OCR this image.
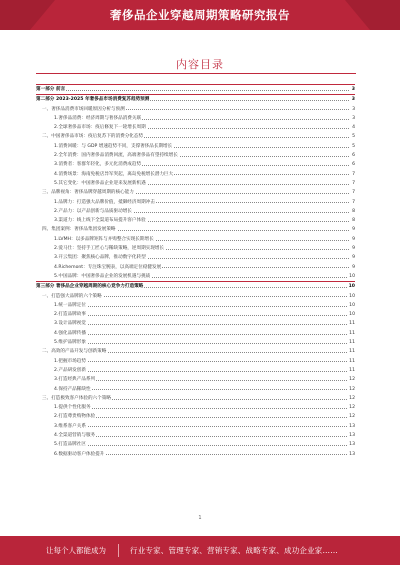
奢侈品企业穿越周期策略研究报告
内容目录
第一部分 前言	3
第二部分 2023-2025 年奢侈品市场消费复苏趋势预测	3
一、奢侈品消费市场回暖原因分析与预测	3
1.奢侈品消费：经济周期与奢侈品消费关联	3
2.全球奢侈品市场：疫后修复下一轮增长周期	4
二、中国奢侈品市场：疫后复苏下的消费分化态势	5
1.消费回暖：与 GDP 增速趋势不同，支撑奢侈品长期增长	5
2.全年消费：国内奢侈品消费回流，高端奢侈品有望持续增长	6
3.消费者：客群年轻化，多元化消费成趋势	6
4.消费场景：海南免税店异军突起，离岛免税增长潜力巨大	7
5.其它变化：中国奢侈品企业迎来发展新机遇	7
三、品牌视角：奢侈品牌穿越周期的核心能力	7
1.品牌力：打造强大品牌价值，抵御经济周期冲击	7
2.产品力：以产品创新与品质驱动增长	8
3.渠道力：线上线下全渠道布局提升客户体验	8
四、集团案例：奢侈品集团发展策略	9
1.LVMH：以多品牌矩阵与并购整合实现长期增长	9
2.爱马仕：坚持手工匠心与稀缺策略，逆周期实现增长	9
3.开云集团：聚焦核心品牌，推动数字化转型	9
4.Richemont：专注珠宝腕表，以高端定位稳健发展	9
5.中国品牌：中国奢侈品企业的发展机遇与挑战	10
第三部分 奢侈品企业穿越周期的核心竞争力打造策略	10
一、打造强大品牌的六个策略	10
1.统一品牌定位	10
2.打造品牌故事	10
3.设计品牌视觉	11
4.强化品牌传播	11
5.维护品牌形象	11
二、高效的产品开发与创新策略	11
1.把握市场趋势	11
2.产品研发创新	11
3.打造经典产品系列	12
4.保持产品稀缺性	12
三、打造极致客户体验的六个策略	12
1.提供个性化服务	12
2.打造尊贵购物体验	12
3.维系客户关系	13
4.全渠道营销与服务	13
5.打造品牌社区	13
6.数据驱动客户体验提升	13
1
让每个人都能成为	行业专家、管理专家、营销专家、战略专家、成功企业家……
